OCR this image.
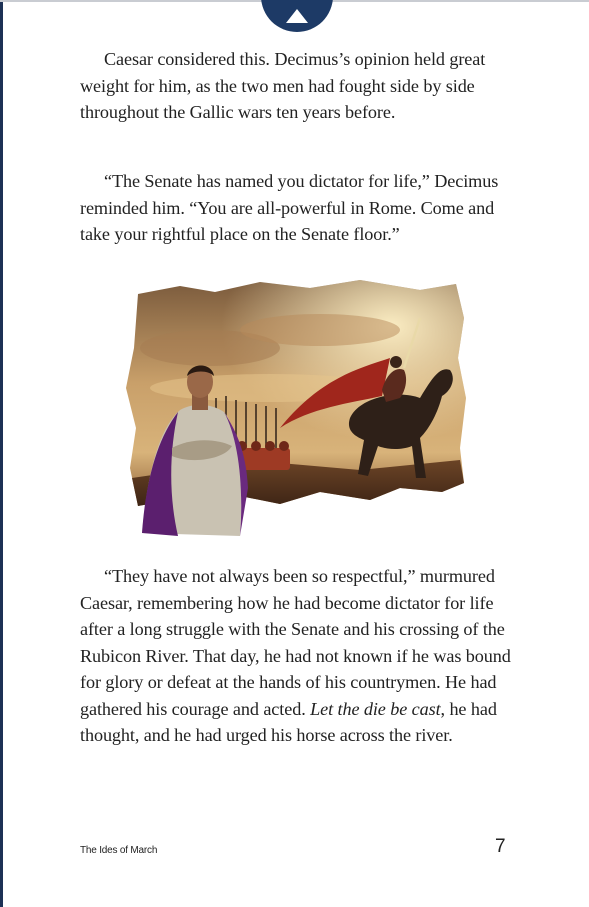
Caesar considered this. Decimus’s opinion held great weight for him, as the two men had fought side by side throughout the Gallic wars ten years before.

“The Senate has named you dictator for life,” Decimus reminded him. “You are all-powerful in Rome. Come and take your rightful place on the Senate floor.”

“They have not always been so respectful,” murmured Caesar, remembering how he had become dictator for life after a long struggle with the Senate and his crossing of the Rubicon River. That day, he had not known if he was bound for glory or defeat at the hands of his countrymen. He had gathered his courage and acted. Let the die be cast, he had thought, and he had urged his horse across the river.

The Ides of March	7
